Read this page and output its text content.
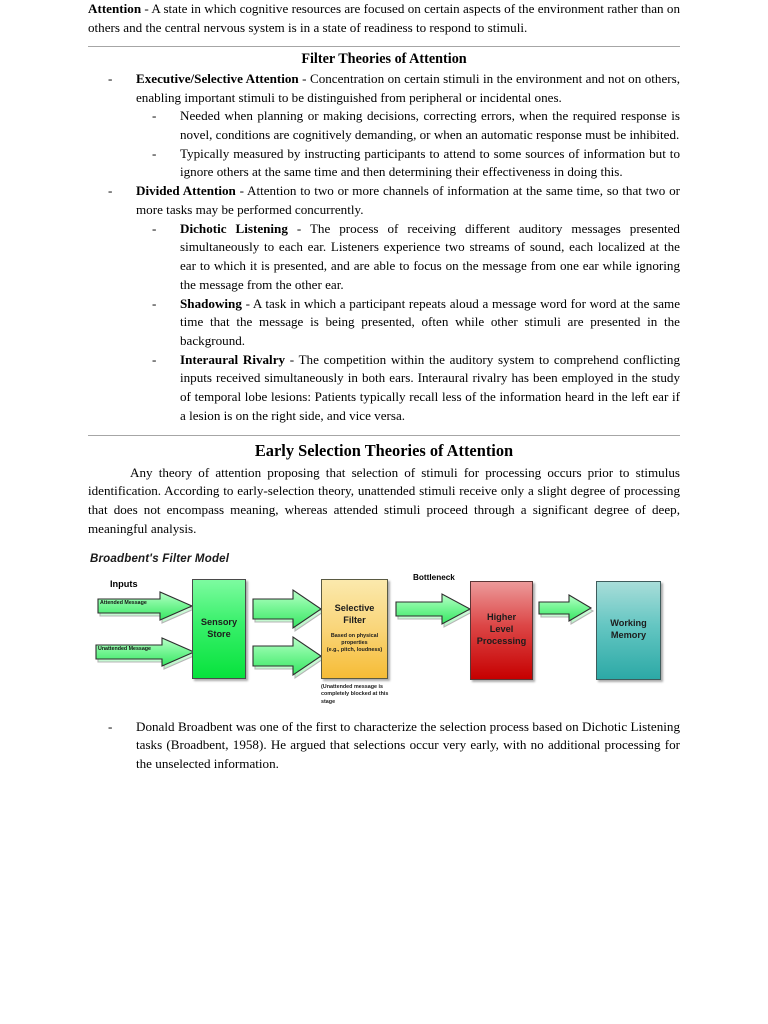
Attention - A state in which cognitive resources are focused on certain aspects of the environment rather than on others and the central nervous system is in a state of readiness to respond to stimuli.
Filter Theories of Attention
- Executive/Selective Attention - Concentration on certain stimuli in the environment and not on others, enabling important stimuli to be distinguished from peripheral or incidental ones.
- Needed when planning or making decisions, correcting errors, when the required response is novel, conditions are cognitively demanding, or when an automatic response must be inhibited.
- Typically measured by instructing participants to attend to some sources of information but to ignore others at the same time and then determining their effectiveness in doing this.
- Divided Attention - Attention to two or more channels of information at the same time, so that two or more tasks may be performed concurrently.
- Dichotic Listening - The process of receiving different auditory messages presented simultaneously to each ear. Listeners experience two streams of sound, each localized at the ear to which it is presented, and are able to focus on the message from one ear while ignoring the message from the other ear.
- Shadowing - A task in which a participant repeats aloud a message word for word at the same time that the message is being presented, often while other stimuli are presented in the background.
- Interaural Rivalry - The competition within the auditory system to comprehend conflicting inputs received simultaneously in both ears. Interaural rivalry has been employed in the study of temporal lobe lesions: Patients typically recall less of the information heard in the left ear if a lesion is on the right side, and vice versa.
Early Selection Theories of Attention
Any theory of attention proposing that selection of stimuli for processing occurs prior to stimulus identification. According to early-selection theory, unattended stimuli receive only a slight degree of processing that does not encompass meaning, whereas attended stimuli proceed through a significant degree of deep, meaningful analysis.
Broadbent's Filter Model
Inputs
Bottleneck
Attended Message
Unattended Message
Sensory
Store
Selective
Filter
Based on physical
properties
(e.g., pitch, loudness)
(Unattended message is
completely blocked at this
stage
Higher
Level
Processing
Working
Memory
- Donald Broadbent was one of the first to characterize the selection process based on Dichotic Listening tasks (Broadbent, 1958). He argued that selections occur very early, with no additional processing for the unselected information.
